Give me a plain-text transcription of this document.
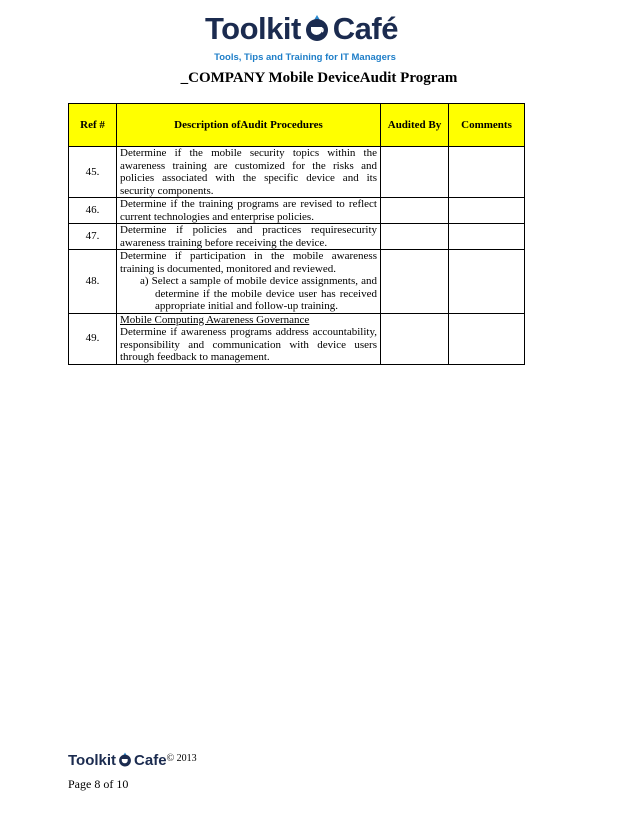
Toolkit Café
Tools, Tips and Training for IT Managers
_COMPANY Mobile DeviceAudit Program
Ref #	Description ofAudit Procedures	Audited By	Comments
45.	Determine if the mobile security topics within the awareness training are customized for the risks and policies associated with the specific device and its security components.		
46.	Determine if the training programs are revised to reflect current technologies and enterprise policies.		
47.	Determine if policies and practices requiresecurity awareness training before receiving the device.		
48.	Determine if participation in the mobile awareness training is documented, monitored and reviewed.
a) Select a sample of mobile device assignments, and determine if the mobile device user has received appropriate initial and follow-up training.		

49.	Mobile Computing Awareness Governance
Determine if awareness programs address accountability, responsibility and communication with device users through feedback to management.		

Toolkit Cafe$^{© 2013}$
Page 8 of 10
